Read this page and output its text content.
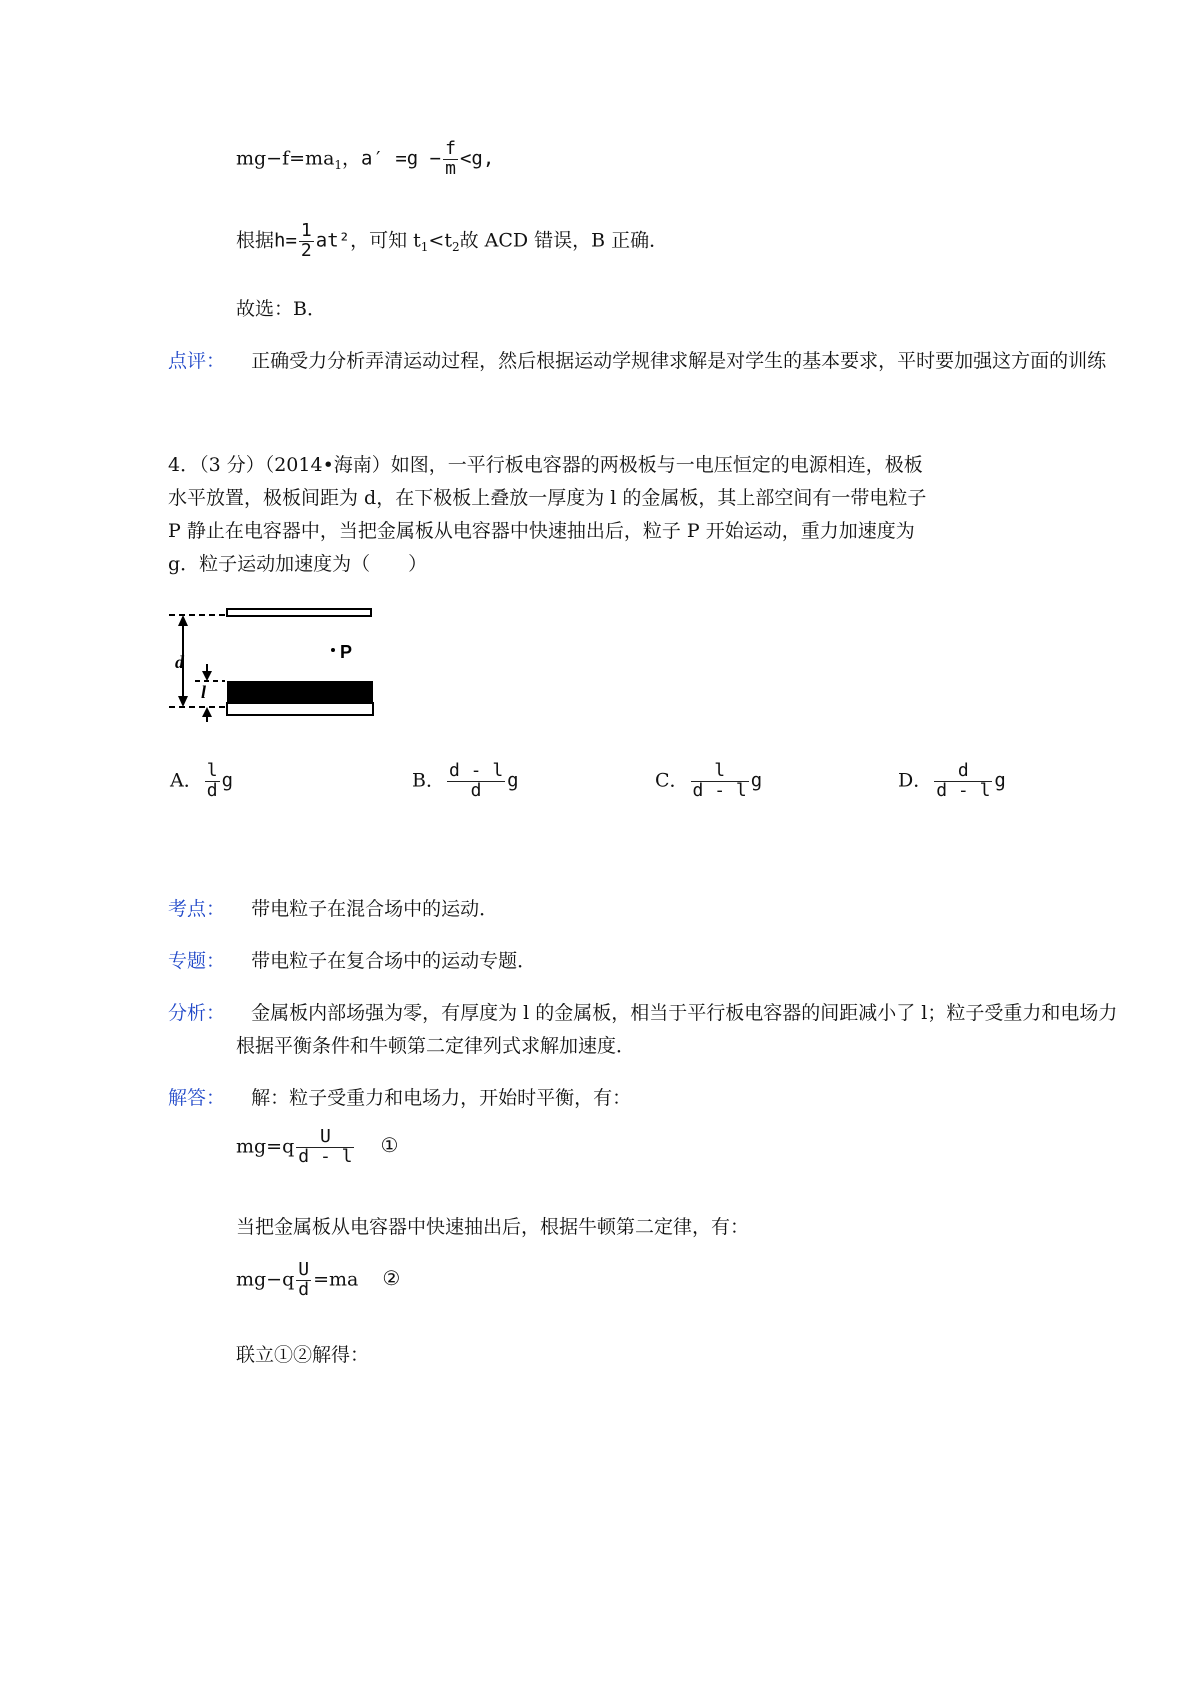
$mg-f=ma_1$，$a' =g - \frac{f}{m} <g$,
根据$h= \frac{1}{2} at^2$，可知 $t_1<t_2$故 ACD 错误，B 正确．
故选：B．
点评： 正确受力分析弄清运动过程，然后根据运动学规律求解是对学生的基本要求，平时要加强这方面的训练
4．（3 分）（2014•海南）如图，一平行板电容器的两极板与一电压恒定的电源相连，极板
水平放置，极板间距为 d，在下极板上叠放一厚度为 l 的金属板，其上部空间有一带电粒子
P 静止在电容器中，当把金属板从电容器中快速抽出后，粒子 P 开始运动，重力加速度为
g．粒子运动加速度为（　　）
d
l
P
A． $\frac{l}{d}$ g	B． $\frac{d - l}{d}$ g	C． $\frac{l}{d - l}$ g	D． $\frac{d}{d - l}$ g
考点： 带电粒子在混合场中的运动．
专题： 带电粒子在复合场中的运动专题．
分析： 金属板内部场强为零，有厚度为 l 的金属板，相当于平行板电容器的间距减小了 l；粒子受重力和电场力
根据平衡条件和牛顿第二定律列式求解加速度．
解答： 解：粒子受重力和电场力，开始时平衡，有：
$mg=q \frac{U}{d - l}$ ①
当把金属板从电容器中快速抽出后，根据牛顿第二定律，有：
$mg-q \frac{U}{d} =ma$ ②
联立①②解得：
